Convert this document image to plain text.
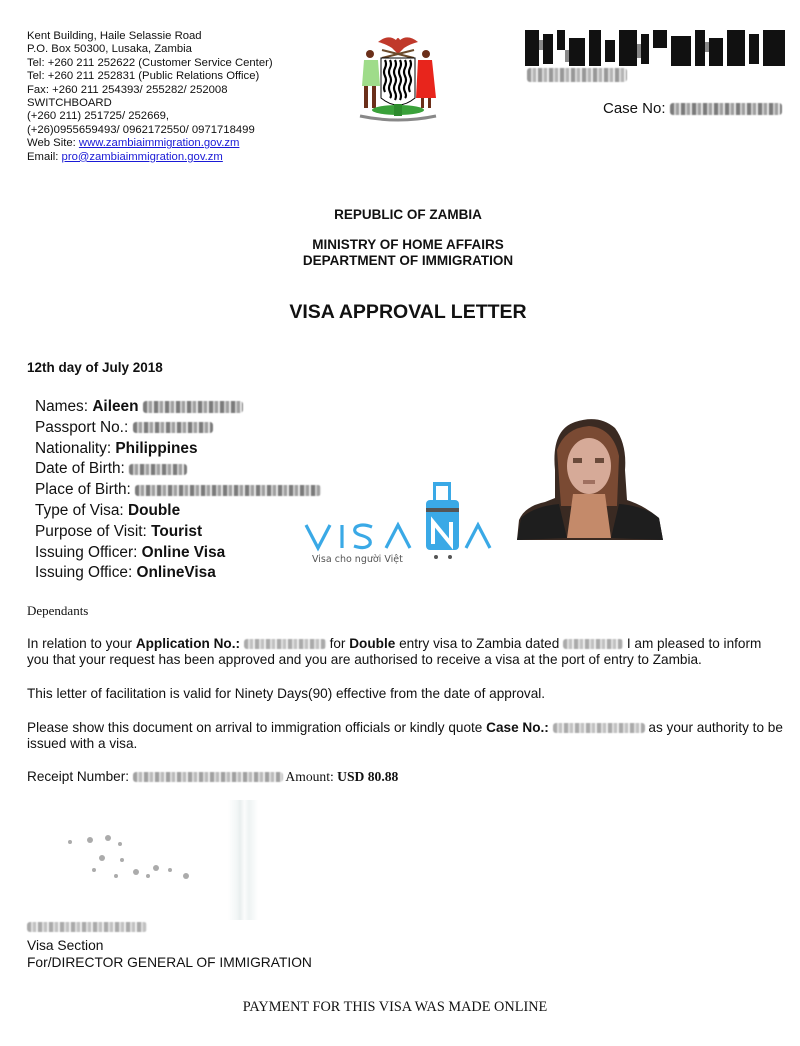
Kent Building, Haile Selassie Road
P.O. Box 50300, Lusaka, Zambia
Tel: +260 211 252622 (Customer Service Center)
Tel: +260 211 252831 (Public Relations Office)
Fax: +260 211 254393/ 255282/ 252008
SWITCHBOARD
(+260 211) 251725/ 252669,
(+26)0955659493/ 0962172550/ 0971718499
Web Site: www.zambiaimmigration.gov.zm
Email: pro@zambiaimmigration.gov.zm
Case No:
REPUBLIC OF ZAMBIA
MINISTRY OF HOME AFFAIRS
DEPARTMENT OF IMMIGRATION
VISA APPROVAL LETTER
12th day of July 2018
Names: Aileen
Passport No.:
Nationality: Philippines
Date of Birth:
Place of Birth:
Type of Visa: Double
Purpose of Visit: Tourist
Issuing Officer: Online Visa
Issuing Office: OnlineVisa
Visa cho người Việt
Dependants
In relation to your Application No.:	for Double entry visa to Zambia dated	I am pleased to inform you that your request has been approved and you are authorised to receive a visa at the port of entry to Zambia.
This letter of facilitation is valid for Ninety Days(90) effective from the date of approval.
Please show this document on arrival to immigration officials or kindly quote Case No.:	as your authority to be issued with a visa.
Receipt Number:	Amount: USD 80.88
Visa Section
For/DIRECTOR GENERAL OF IMMIGRATION
PAYMENT FOR THIS VISA WAS MADE ONLINE
